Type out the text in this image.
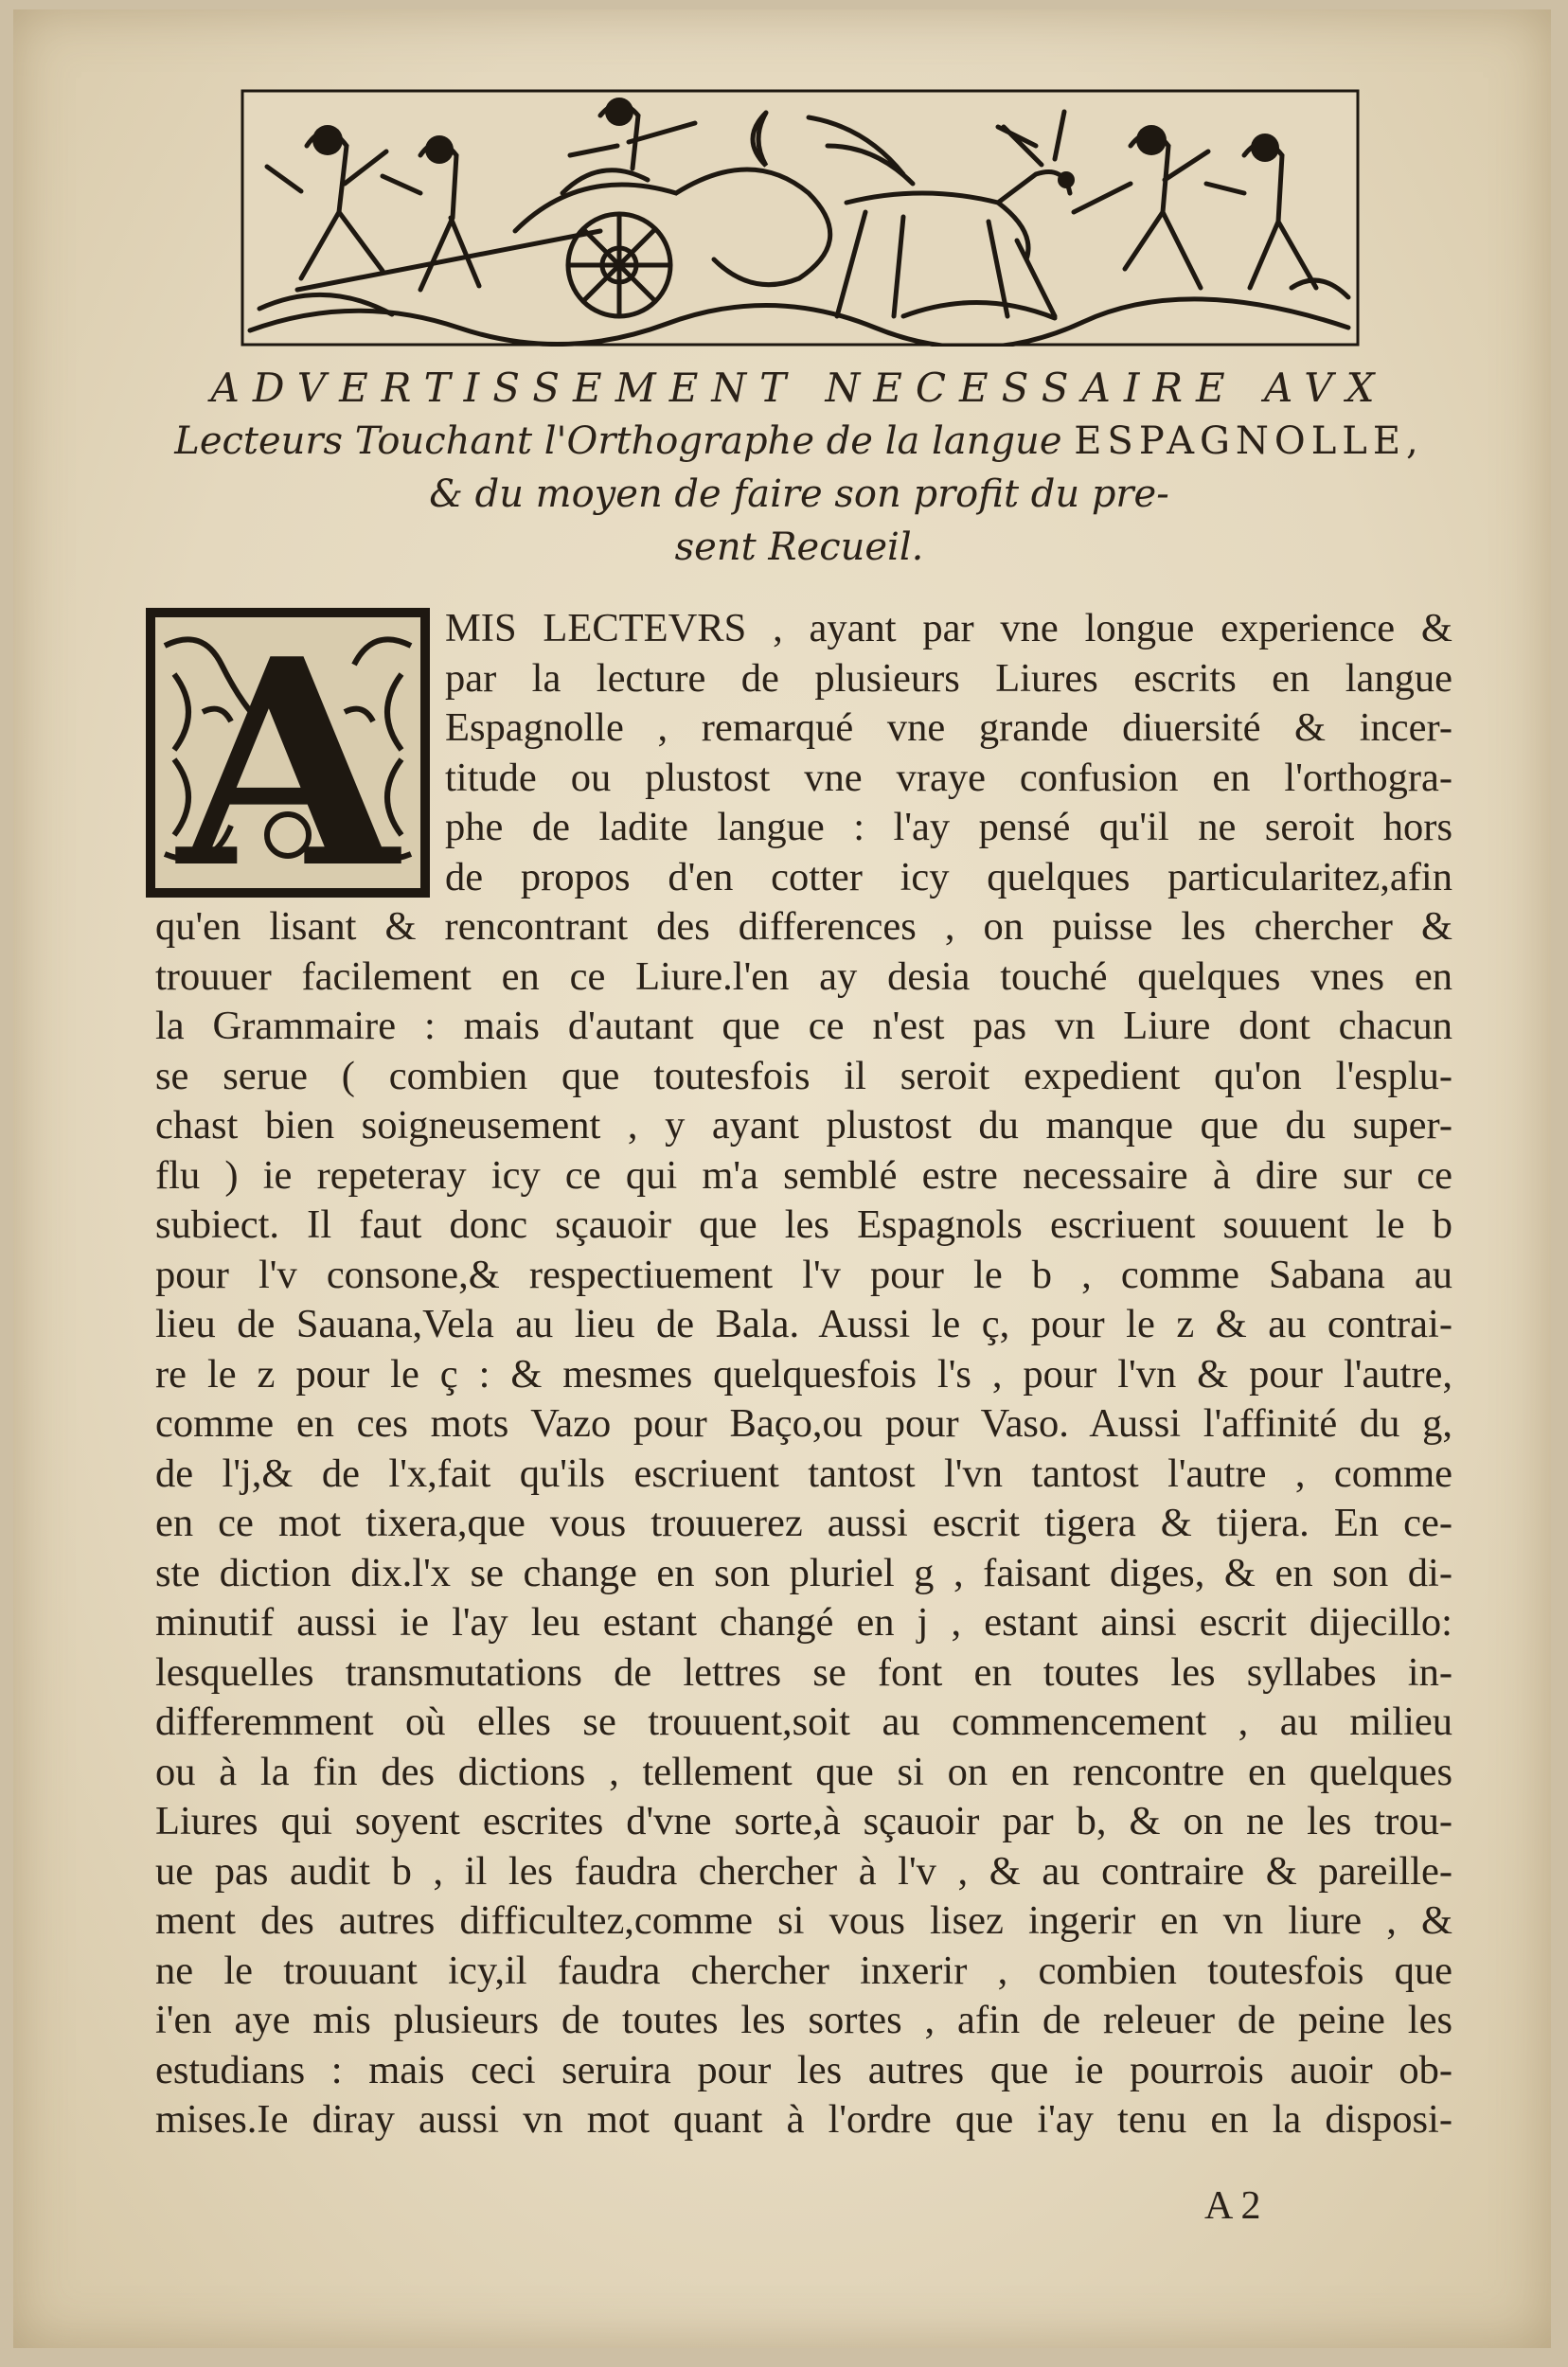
ADVERTISSEMENT NECESSAIRE AVX
Lecteurs Touchant l'Orthographe de la langue ESPAGNOLLE,
& du moyen de faire son profit du pre-
sent Recueil.
A	MIS LECTEVRS , ayant par vne longue experience &
par la lecture de plusieurs Liures escrits en langue
Espagnolle , remarqué vne grande diuersité & incer-
titude ou plustost vne vraye confusion en l'orthogra-
phe de ladite langue : l'ay pensé qu'il ne seroit hors
de propos d'en cotter icy quelques particularitez,afin
qu'en lisant & rencontrant des differences , on puisse les chercher &
trouuer facilement en ce Liure.l'en ay desia touché quelques vnes en
la Grammaire : mais d'autant que ce n'est pas vn Liure dont chacun
se serue ( combien que toutesfois il seroit expedient qu'on l'esplu-
chast bien soigneusement , y ayant plustost du manque que du super-
flu ) ie repeteray icy ce qui m'a semblé estre necessaire à dire sur ce
subiect. Il faut donc sçauoir que les Espagnols escriuent souuent le b
pour l'v consone,& respectiuement l'v pour le b , comme Sabana au
lieu de Sauana,Vela au lieu de Bala. Aussi le ç, pour le z & au contrai-
re le z pour le ç : & mesmes quelquesfois l's , pour l'vn & pour l'autre,
comme en ces mots Vazo pour Baço,ou pour Vaso. Aussi l'affinité du g,
de l'j,& de l'x,fait qu'ils escriuent tantost l'vn tantost l'autre , comme
en ce mot tixera,que vous trouuerez aussi escrit tigera & tijera. En ce-
ste diction dix.l'x se change en son pluriel g , faisant diges, & en son di-
minutif aussi ie l'ay leu estant changé en j , estant ainsi escrit dijecillo:
lesquelles transmutations de lettres se font en toutes les syllabes in-
differemment où elles se trouuent,soit au commencement , au milieu
ou à la fin des dictions , tellement que si on en rencontre en quelques
Liures qui soyent escrites d'vne sorte,à sçauoir par b, & on ne les trou-
ue pas audit b , il les faudra chercher à l'v , & au contraire & pareille-
ment des autres difficultez,comme si vous lisez ingerir en vn liure , &
ne le trouuant icy,il faudra chercher inxerir , combien toutesfois que
i'en aye mis plusieurs de toutes les sortes , afin de releuer de peine les
estudians : mais ceci seruira pour les autres que ie pourrois auoir ob-
mises.Ie diray aussi vn mot quant à l'ordre que i'ay tenu en la disposi-
A 2
